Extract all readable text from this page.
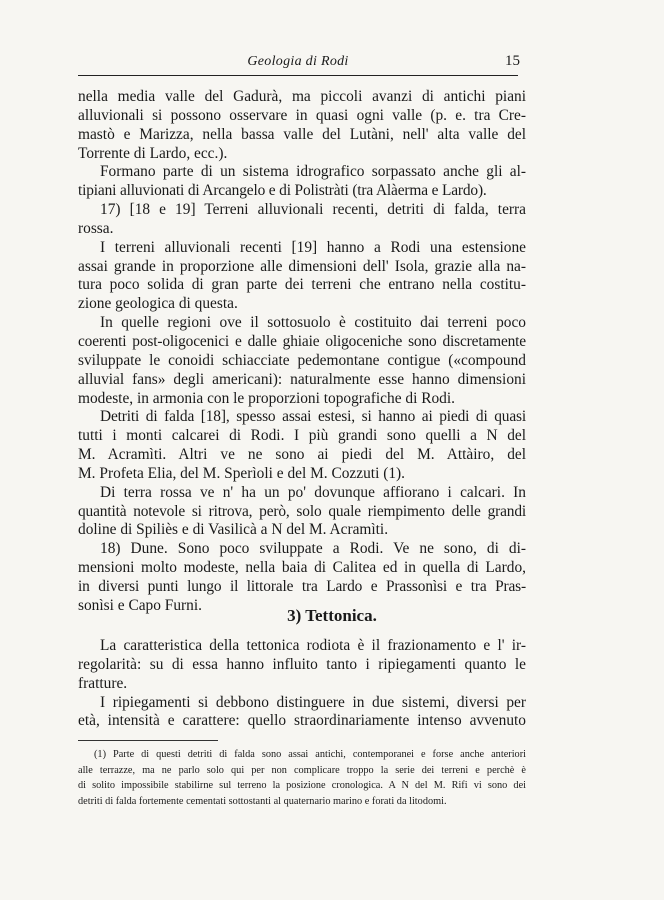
Geologia di Rodi	15
nella media valle del Gadurà, ma piccoli avanzi di antichi piani
alluvionali si possono osservare in quasi ogni valle (p. e. tra Cre-
mastò e Marizza, nella bassa valle del Lutàni, nell' alta valle del
Torrente di Lardo, ecc.).
Formano parte di un sistema idrografico sorpassato anche gli al-
tipiani alluvionati di Arcangelo e di Polistràti (tra Alàerma e Lardo).
17) [18 e 19] Terreni alluvionali recenti, detriti di falda, terra
rossa.
I terreni alluvionali recenti [19] hanno a Rodi una estensione
assai grande in proporzione alle dimensioni dell' Isola, grazie alla na-
tura poco solida di gran parte dei terreni che entrano nella costitu-
zione geologica di questa.
In quelle regioni ove il sottosuolo è costituito dai terreni poco
coerenti post-oligocenici e dalle ghiaie oligoceniche sono discretamente
sviluppate le conoidi schiacciate pedemontane contigue («compound
alluvial fans» degli americani): naturalmente esse hanno dimensioni
modeste, in armonia con le proporzioni topografiche di Rodi.
Detriti di falda [18], spesso assai estesi, si hanno ai piedi di quasi
tutti i monti calcarei di Rodi. I più grandi sono quelli a N del
M. Acramìti. Altri ve ne sono ai piedi del M. Attàiro, del
M. Profeta Elia, del M. Sperìoli e del M. Cozzuti (1).
Di terra rossa ve n' ha un po' dovunque affiorano i calcari. In
quantità notevole si ritrova, però, solo quale riempimento delle grandi
doline di Spiliès e di Vasilicà a N del M. Acramìti.
18) Dune. Sono poco sviluppate a Rodi. Ve ne sono, di di-
mensioni molto modeste, nella baia di Calitea ed in quella di Lardo,
in diversi punti lungo il littorale tra Lardo e Prassonìsi e tra Pras-
sonìsi e Capo Furni.
3) Tettonica.
La caratteristica della tettonica rodiota è il frazionamento e l' ir-
regolarità: su di essa hanno influito tanto i ripiegamenti quanto le
fratture.
I ripiegamenti si debbono distinguere in due sistemi, diversi per
età, intensità e carattere: quello straordinariamente intenso avvenuto
(1) Parte di questi detriti di falda sono assai antichi, contemporanei e forse anche anteriori
alle terrazze, ma ne parlo solo qui per non complicare troppo la serie dei terreni e perchè è
di solito impossibile stabilirne sul terreno la posizione cronologica. A N del M. Rifi vi sono dei
detriti di falda fortemente cementati sottostanti al quaternario marino e forati da litodomi.
